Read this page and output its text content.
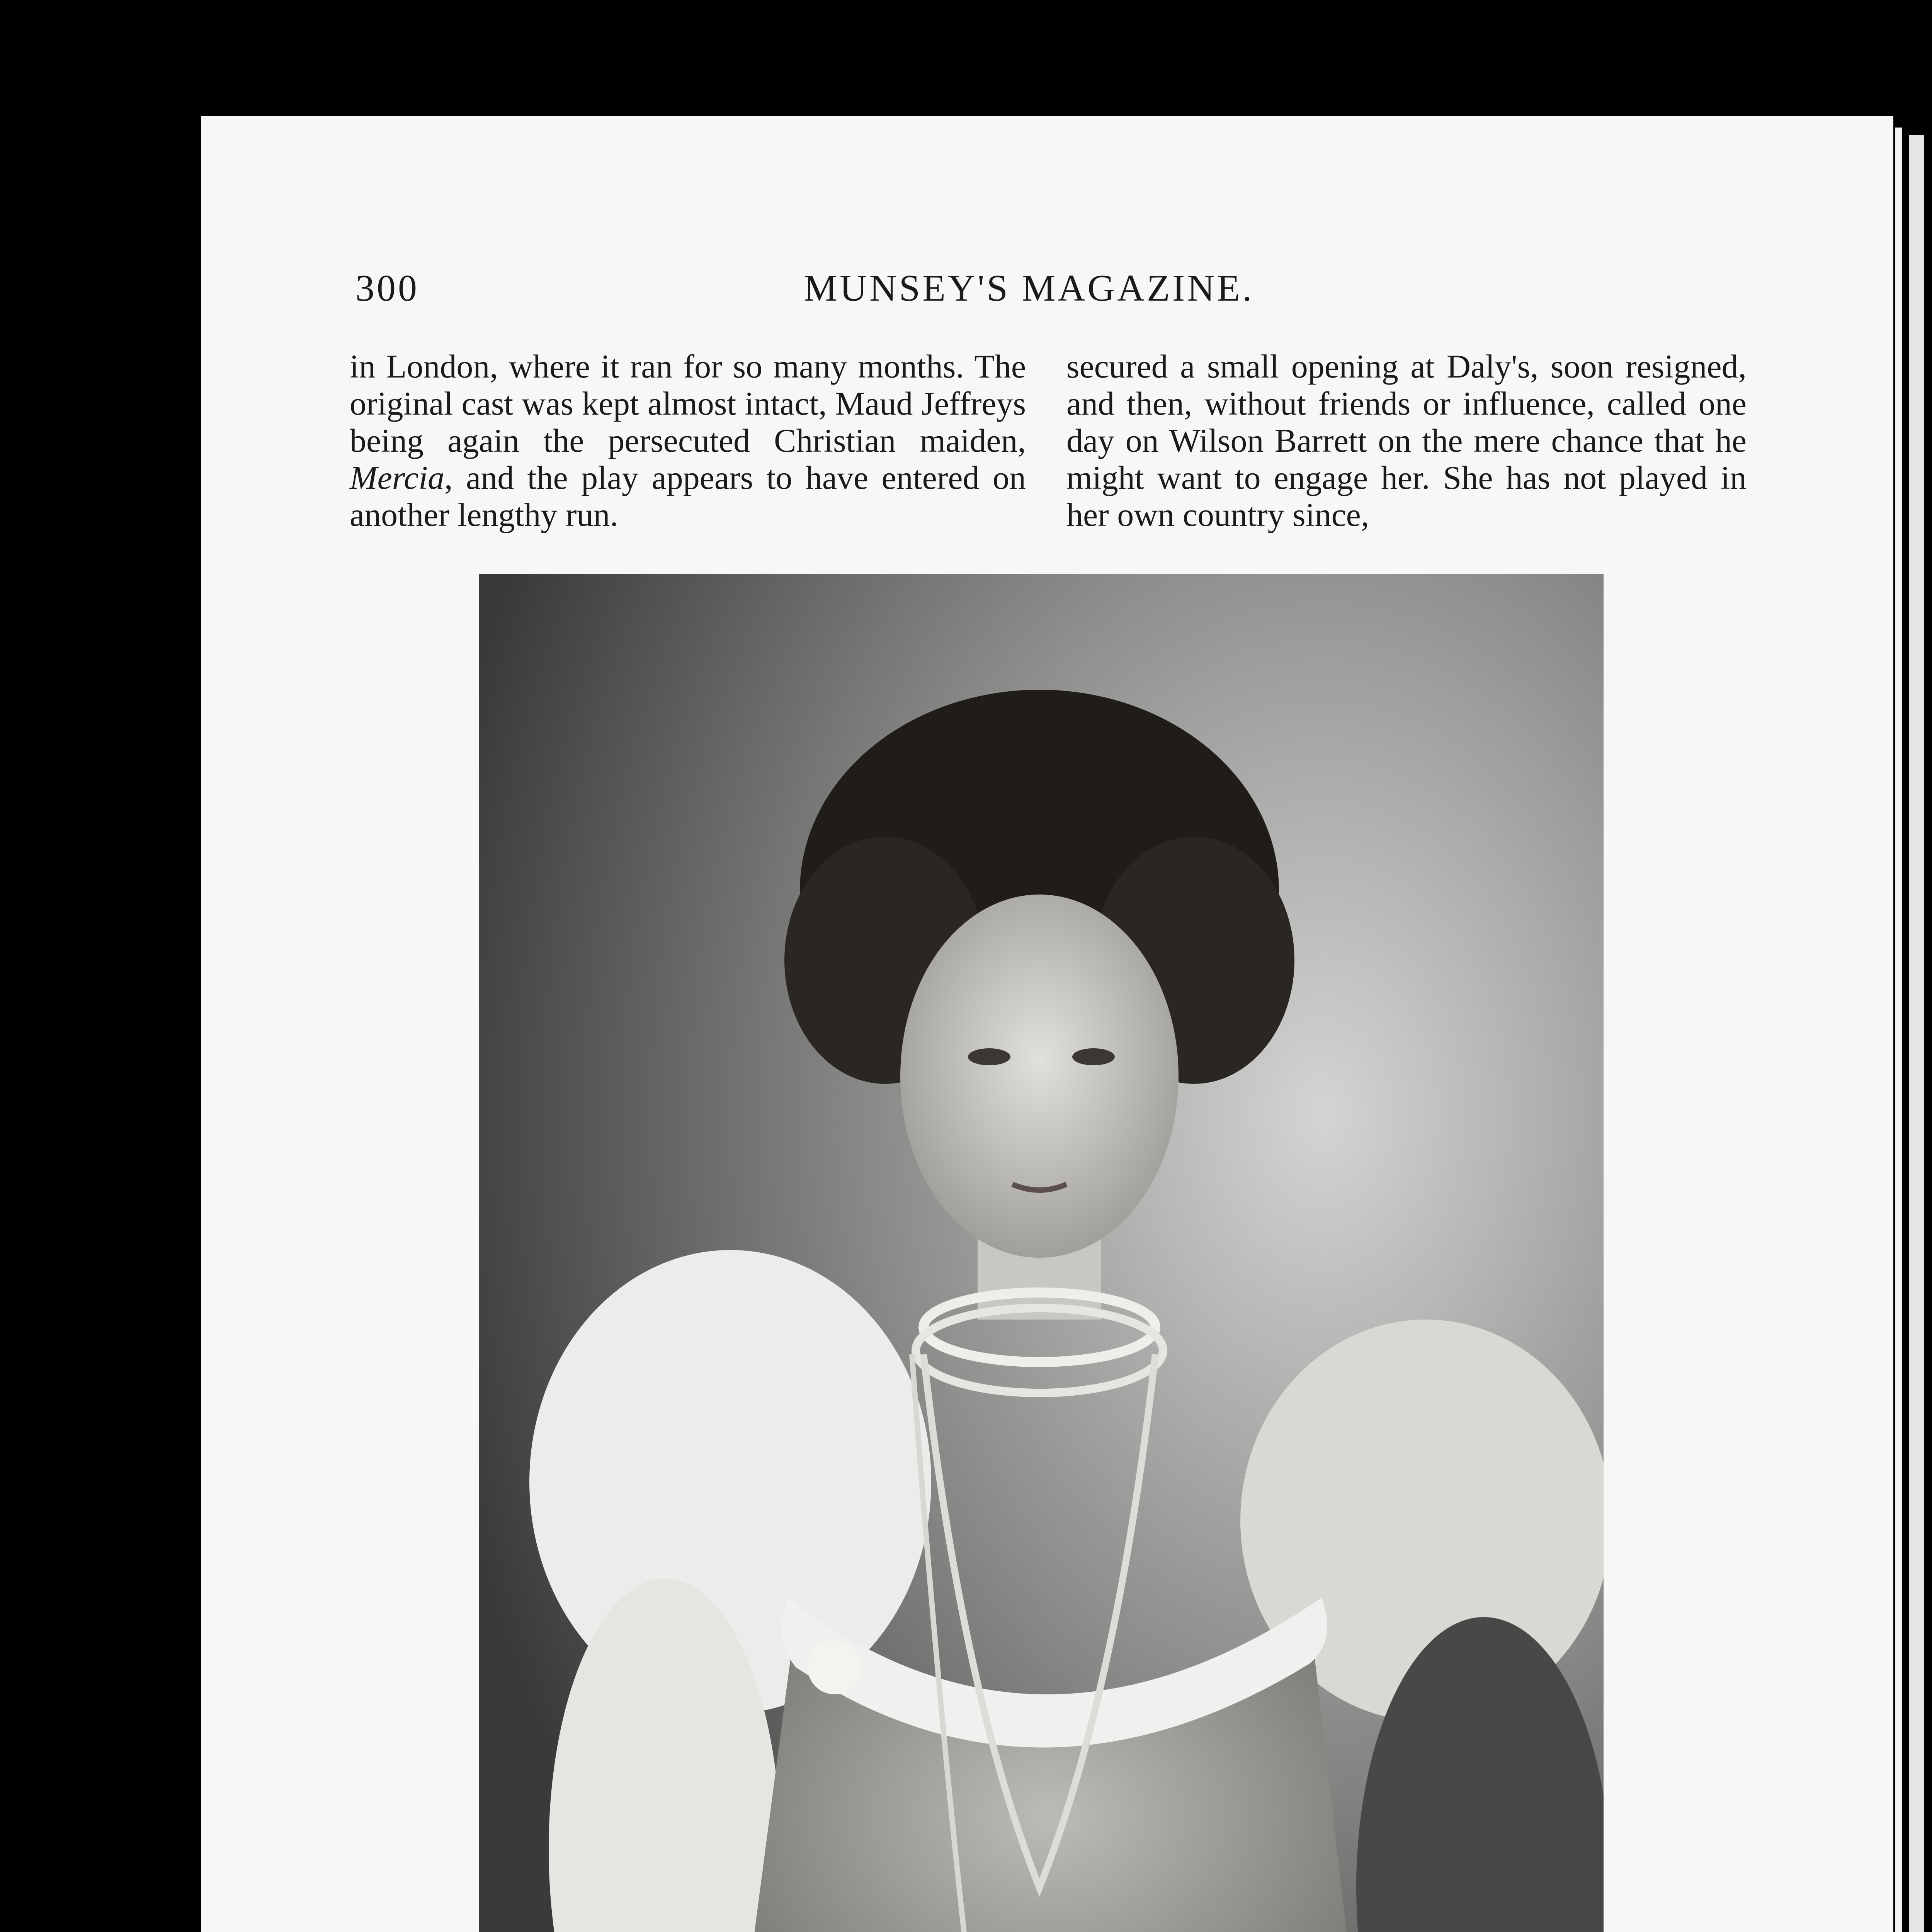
300	MUNSEY'S MAGAZINE.

in London, where it ran for so many months. The original cast was kept almost intact, Maud Jeffreys being again the persecuted Christian maiden, Mercia, and the play appears to have entered on another lengthy run.

secured a small opening at Daly's, soon resigned, and then, without friends or influence, called one day on Wilson Barrett on the mere chance that he might want to engage her. She has not played in her own country since,
